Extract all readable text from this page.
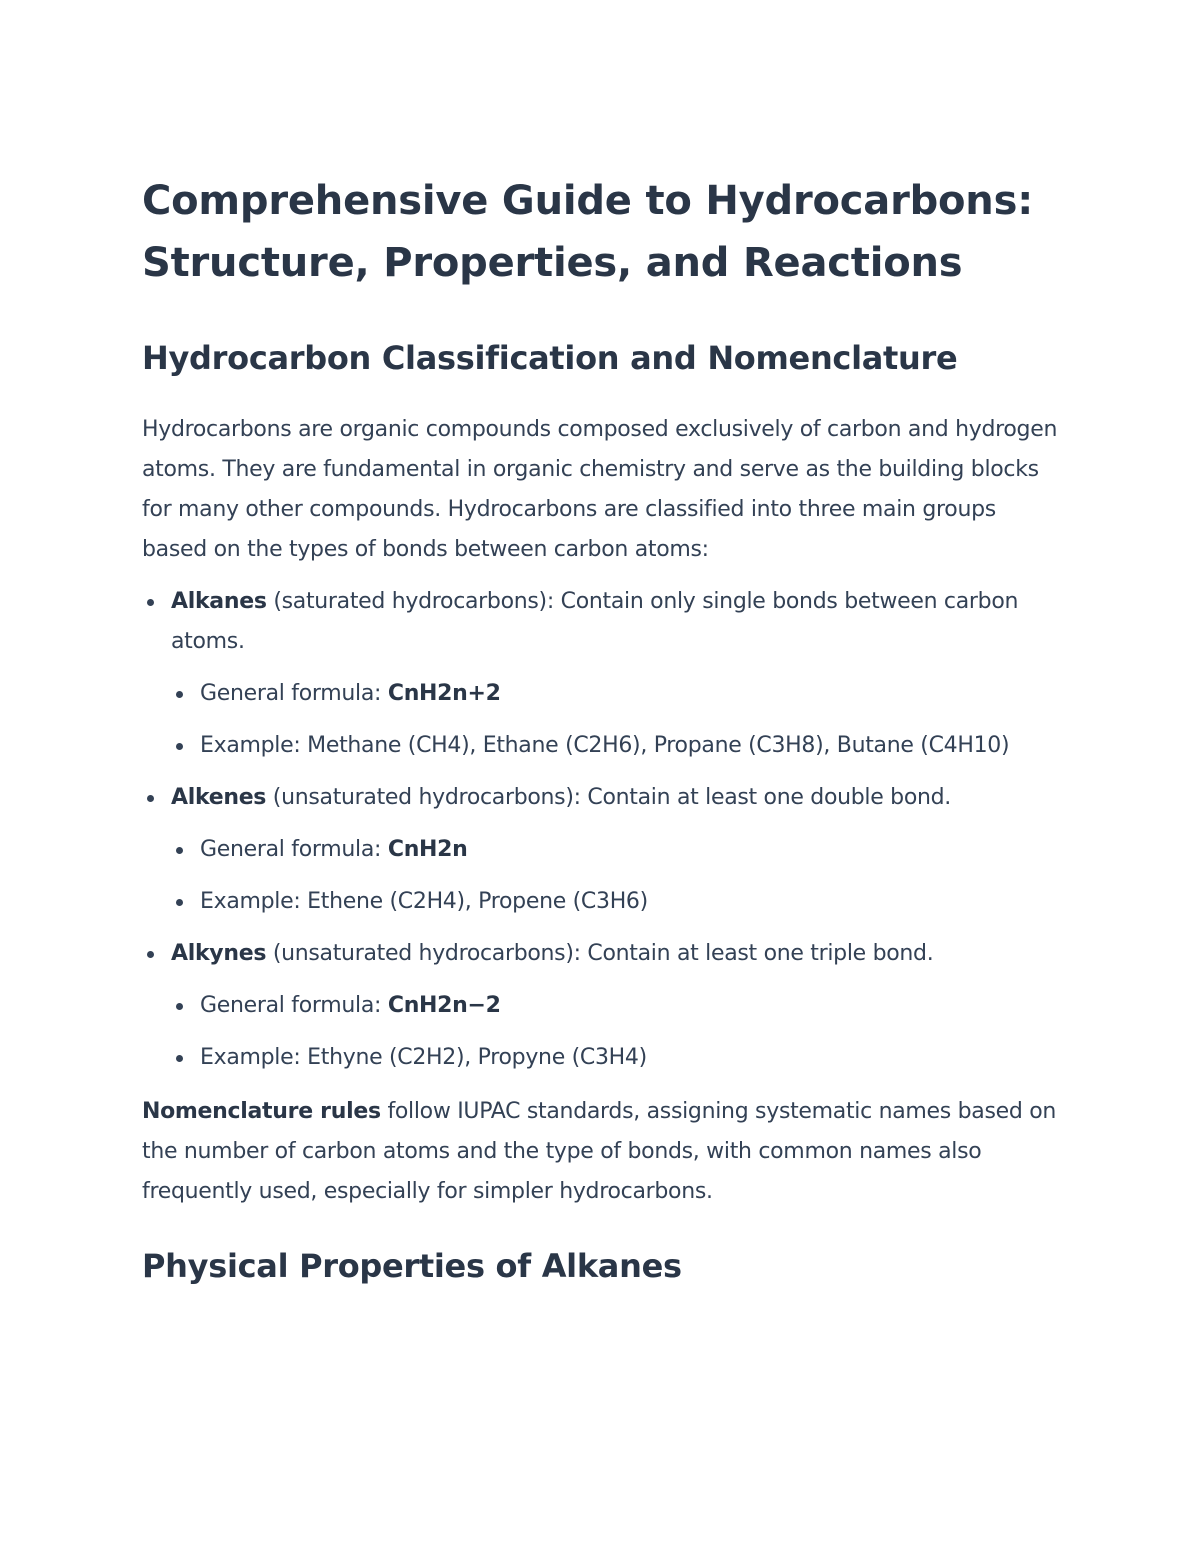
Comprehensive Guide to Hydrocarbons: Structure, Properties, and Reactions
Hydrocarbon Classification and Nomenclature

Hydrocarbons are organic compounds composed exclusively of carbon and hydrogen atoms. They are fundamental in organic chemistry and serve as the building blocks for many other compounds. Hydrocarbons are classified into three main groups based on the types of bonds between carbon atoms:

Alkanes (saturated hydrocarbons): Contain only single bonds between carbon atoms.
General formula: CnH2n+2
Example: Methane (CH4), Ethane (C2H6), Propane (C3H8), Butane (C4H10)
Alkenes (unsaturated hydrocarbons): Contain at least one double bond.
General formula: CnH2n
Example: Ethene (C2H4), Propene (C3H6)
Alkynes (unsaturated hydrocarbons): Contain at least one triple bond.
General formula: CnH2n−2
Example: Ethyne (C2H2), Propyne (C3H4)

Nomenclature rules follow IUPAC standards, assigning systematic names based on the number of carbon atoms and the type of bonds, with common names also frequently used, especially for simpler hydrocarbons.

Physical Properties of Alkanes
